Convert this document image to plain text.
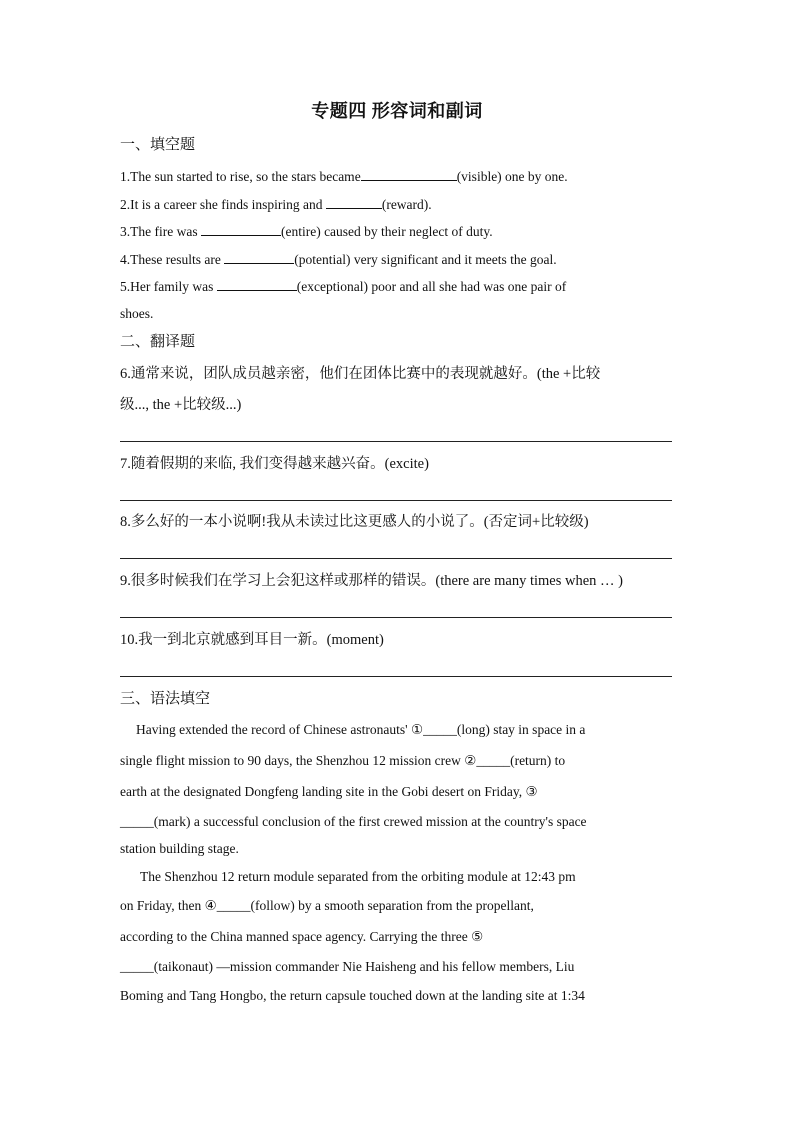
专题四 形容词和副词
一、填空题
1.The sun started to rise, so the stars became	(visible) one by one.
2.It is a career she finds inspiring and	(reward).
3.The fire was	(entire) caused by their neglect of duty.
4.These results are	(potential) very significant and it meets the goal.
5.Her family was	(exceptional) poor and all she had was one pair of
shoes.
二、翻译题
6.通常来说，团队成员越亲密，他们在团体比赛中的表现就越好。(the +比较
级..., the +比较级...)
7.随着假期的来临, 我们变得越来越兴奋。(excite)
8.多么好的一本小说啊!我从未读过比这更感人的小说了。(否定词+比较级)
9.很多时候我们在学习上会犯这样或那样的错误。(there are many times when … )
10.我一到北京就感到耳目一新。(moment)
三、语法填空
Having extended the record of Chinese astronauts' ①_____(long) stay in space in a
single flight mission to 90 days, the Shenzhou 12 mission crew ②_____(return) to
earth at the designated Dongfeng landing site in the Gobi desert on Friday, ③
_____(mark) a successful conclusion of the first crewed mission at the country's space
station building stage.
The Shenzhou 12 return module separated from the orbiting module at 12:43 pm
on Friday, then ④_____(follow) by a smooth separation from the propellant,
according to the China manned space agency. Carrying the three ⑤
_____(taikonaut) —mission commander Nie Haisheng and his fellow members, Liu
Boming and Tang Hongbo, the return capsule touched down at the landing site at 1:34
